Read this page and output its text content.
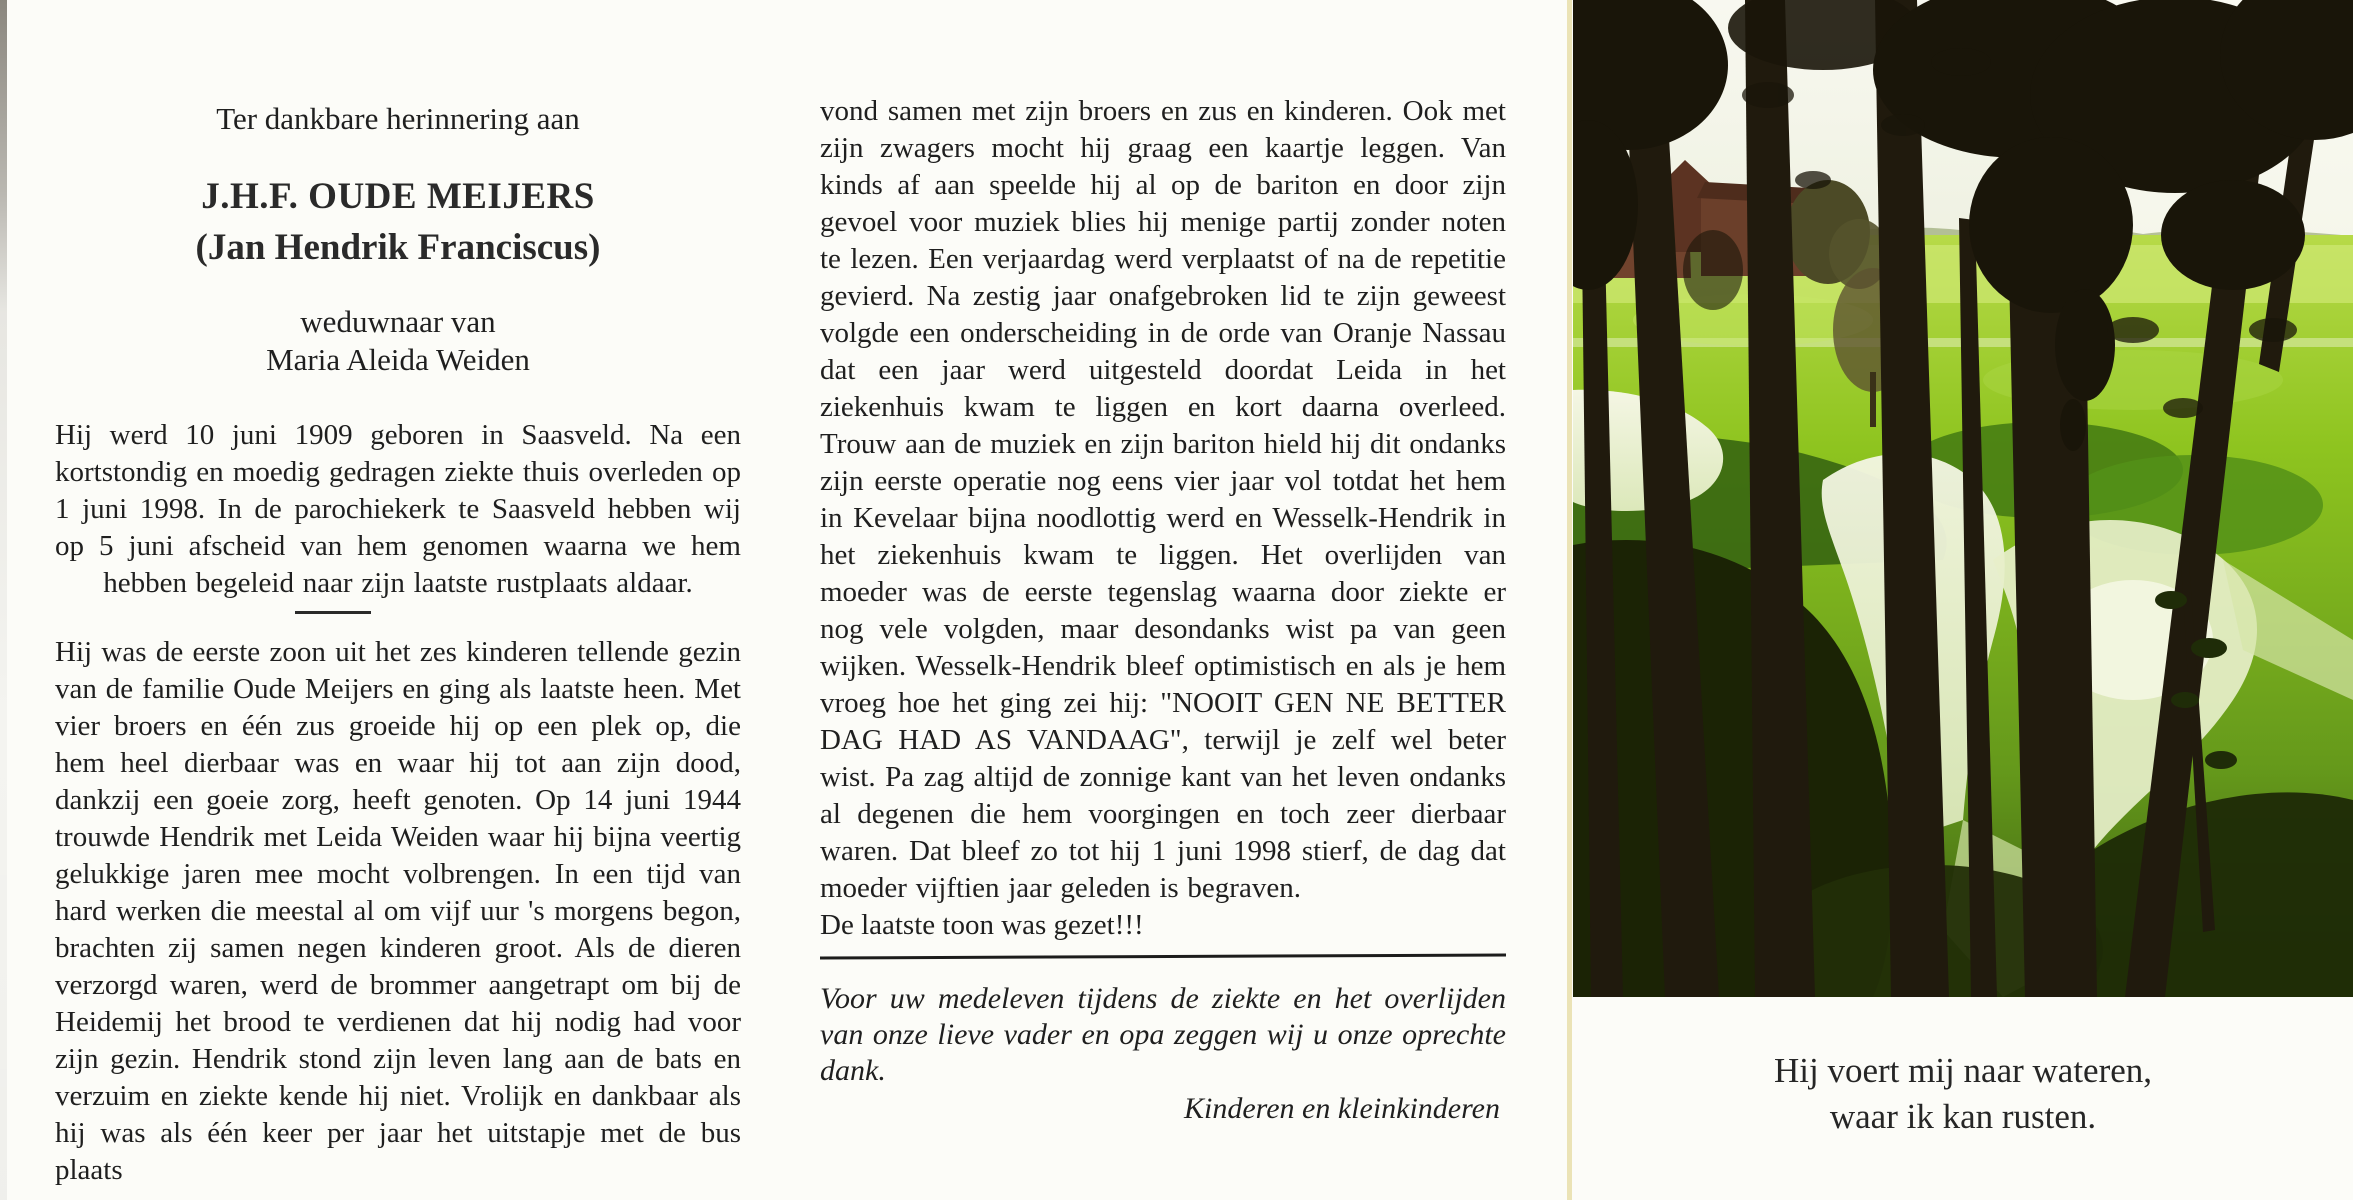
Ter dankbare herinnering aan

J.H.F. OUDE MEIJERS

(Jan Hendrik Franciscus)

weduwnaar van

Maria Aleida Weiden

Hij werd 10 juni 1909 geboren in Saasveld. Na een kortstondig en moedig gedragen ziekte thuis overleden op 1 juni 1998. In de parochiekerk te Saasveld hebben wij op 5 juni afscheid van hem genomen waarna we hem hebben begeleid naar zijn laatste rustplaats aldaar.

Hij was de eerste zoon uit het zes kinderen tellende gezin van de familie Oude Meijers en ging als laatste heen. Met vier broers en één zus groeide hij op een plek op, die hem heel dierbaar was en waar hij tot aan zijn dood, dankzij een goeie zorg, heeft genoten. Op 14 juni 1944 trouwde Hendrik met Leida Weiden waar hij bijna veertig gelukkige jaren mee mocht volbrengen. In een tijd van hard werken die meestal al om vijf uur 's morgens begon, brachten zij samen negen kinderen groot. Als de dieren verzorgd waren, werd de brommer aangetrapt om bij de Heidemij het brood te verdienen dat hij nodig had voor zijn gezin. Hendrik stond zijn leven lang aan de bats en verzuim en ziekte kende hij niet. Vrolijk en dankbaar als hij was als één keer per jaar het uitstapje met de bus plaats

vond samen met zijn broers en zus en kinderen. Ook met zijn zwagers mocht hij graag een kaartje leggen. Van kinds af aan speelde hij al op de bariton en door zijn gevoel voor muziek blies hij menige partij zonder noten te lezen. Een verjaardag werd verplaatst of na de repetitie gevierd. Na zestig jaar onafgebroken lid te zijn geweest volgde een onderscheiding in de orde van Oranje Nassau dat een jaar werd uitgesteld doordat Leida in het ziekenhuis kwam te liggen en kort daarna overleed. Trouw aan de muziek en zijn bariton hield hij dit ondanks zijn eerste operatie nog eens vier jaar vol totdat het hem in Kevelaar bijna noodlottig werd en Wesselk-Hendrik in het ziekenhuis kwam te liggen. Het overlijden van moeder was de eerste tegenslag waarna door ziekte er nog vele volgden, maar desondanks wist pa van geen wijken. Wesselk-Hendrik bleef optimistisch en als je hem vroeg hoe het ging zei hij: "NOOIT GEN NE BETTER DAG HAD AS VANDAAG", terwijl je zelf wel beter wist. Pa zag altijd de zonnige kant van het leven ondanks al degenen die hem voorgingen en toch zeer dierbaar waren. Dat bleef zo tot hij 1 juni 1998 stierf, de dag dat moeder vijftien jaar geleden is begraven.

De laatste toon was gezet!!!

Voor uw medeleven tijdens de ziekte en het overlijden van onze lieve vader en opa zeggen wij u onze oprechte dank.

Kinderen en kleinkinderen

Hij voert mij naar wateren,
waar ik kan rusten.
